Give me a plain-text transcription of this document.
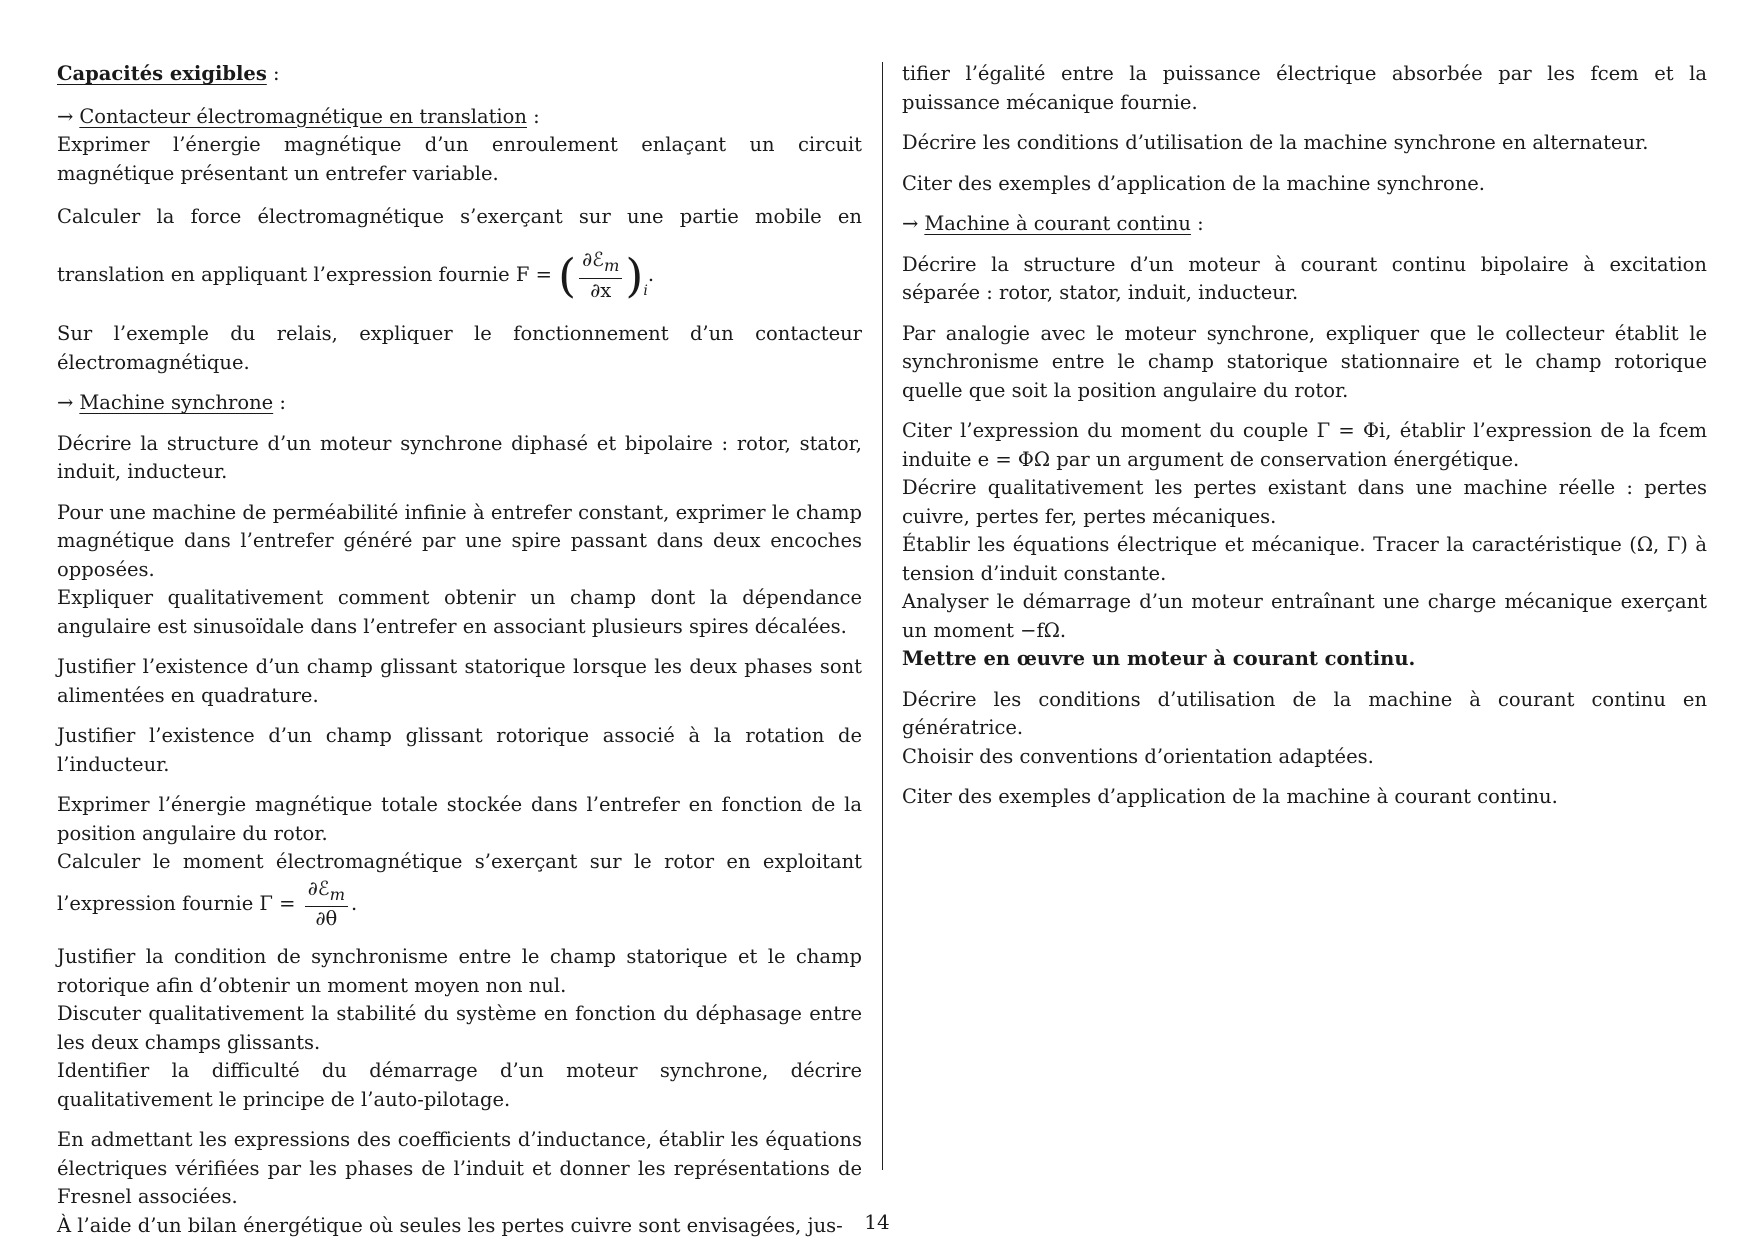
Capacités exigibles :

→ Contacteur électromagnétique en translation :

Exprimer l’énergie magnétique d’un enroulement enlaçant un circuit magnétique présentant un entrefer variable.

Calculer la force électromagnétique s’exerçant sur une partie mobile en translation en appliquant l’expression fournie F = ( $\frac{\partial ℰ_m}{\partial x} )_i$.

Sur l’exemple du relais, expliquer le fonctionnement d’un contacteur électromagnétique.

→ Machine synchrone :

Décrire la structure d’un moteur synchrone diphasé et bipolaire : rotor, stator, induit, inducteur.

Pour une machine de perméabilité infinie à entrefer constant, exprimer le champ magnétique dans l’entrefer généré par une spire passant dans deux encoches opposées.

Expliquer qualitativement comment obtenir un champ dont la dépendance angulaire est sinusoïdale dans l’entrefer en associant plusieurs spires décalées.

Justifier l’existence d’un champ glissant statorique lorsque les deux phases sont alimentées en quadrature.

Justifier l’existence d’un champ glissant rotorique associé à la rotation de l’inducteur.

Exprimer l’énergie magnétique totale stockée dans l’entrefer en fonction de la position angulaire du rotor.

Calculer le moment électromagnétique s’exerçant sur le rotor en exploitant l’expression fournie $\Gamma = \frac{\partial ℰ_m}{\partial\theta}$ .

Justifier la condition de synchronisme entre le champ statorique et le champ rotorique afin d’obtenir un moment moyen non nul.

Discuter qualitativement la stabilité du système en fonction du déphasage entre les deux champs glissants.

Identifier la difficulté du démarrage d’un moteur synchrone, décrire qualitativement le principe de l’auto-pilotage.

En admettant les expressions des coefficients d’inductance, établir les équations électriques vérifiées par les phases de l’induit et donner les représentations de Fresnel associées.

À l’aide d’un bilan énergétique où seules les pertes cuivre sont envisagées, jus-

tifier l’égalité entre la puissance électrique absorbée par les fcem et la puissance mécanique fournie.

Décrire les conditions d’utilisation de la machine synchrone en alternateur.

Citer des exemples d’application de la machine synchrone.

→ Machine à courant continu :

Décrire la structure d’un moteur à courant continu bipolaire à excitation séparée : rotor, stator, induit, inducteur.

Par analogie avec le moteur synchrone, expliquer que le collecteur établit le synchronisme entre le champ statorique stationnaire et le champ rotorique quelle que soit la position angulaire du rotor.

Citer l’expression du moment du couple Γ = Φi, établir l’expression de la fcem induite e = ΦΩ par un argument de conservation énergétique.

Décrire qualitativement les pertes existant dans une machine réelle : pertes cuivre, pertes fer, pertes mécaniques.

Établir les équations électrique et mécanique. Tracer la caractéristique (Ω, Γ) à tension d’induit constante.

Analyser le démarrage d’un moteur entraînant une charge mécanique exerçant un moment −fΩ.

Mettre en œuvre un moteur à courant continu.

Décrire les conditions d’utilisation de la machine à courant continu en génératrice.

Choisir des conventions d’orientation adaptées.

Citer des exemples d’application de la machine à courant continu.

14
